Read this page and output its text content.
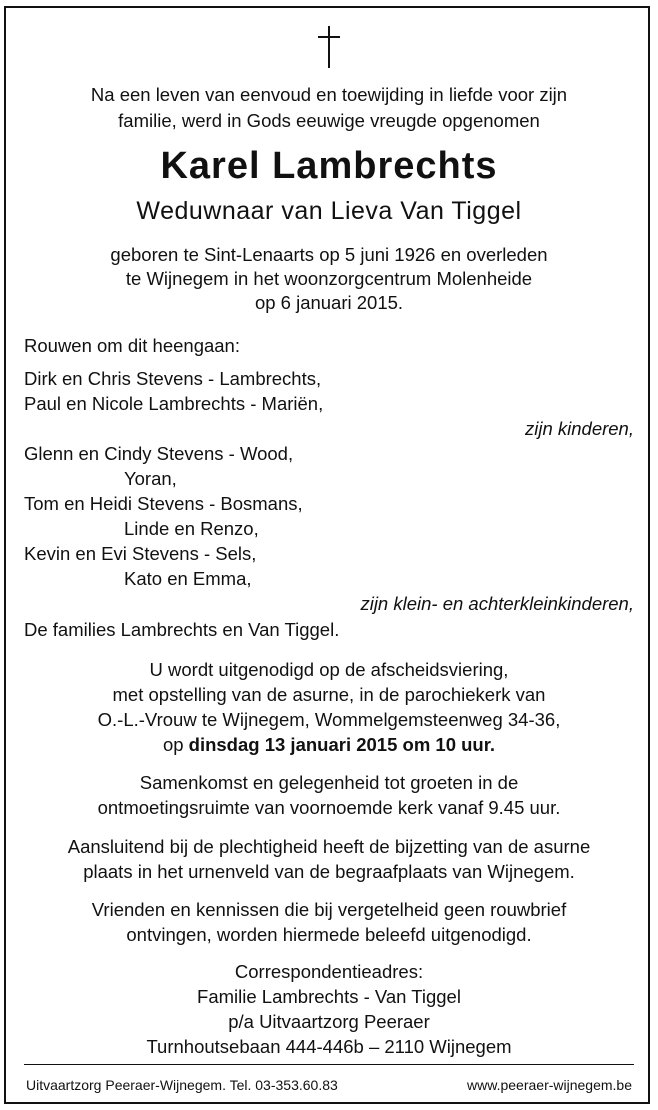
Na een leven van eenvoud en toewijding in liefde voor zijn
familie, werd in Gods eeuwige vreugde opgenomen
Karel Lambrechts
Weduwnaar van Lieva Van Tiggel
geboren te Sint-Lenaarts op 5 juni 1926 en overleden
te Wijnegem in het woonzorgcentrum Molenheide
op 6 januari 2015.
Rouwen om dit heengaan:
Dirk en Chris Stevens - Lambrechts,
Paul en Nicole Lambrechts - Mariën,
zijn kinderen,
Glenn en Cindy Stevens - Wood,
Yoran,
Tom en Heidi Stevens - Bosmans,
Linde en Renzo,
Kevin en Evi Stevens - Sels,
Kato en Emma,
zijn klein- en achterkleinkinderen,
De families Lambrechts en Van Tiggel.
U wordt uitgenodigd op de afscheidsviering,
met opstelling van de asurne, in de parochiekerk van
O.-L.-Vrouw te Wijnegem, Wommelgemsteenweg 34-36,
op dinsdag 13 januari 2015 om 10 uur.
Samenkomst en gelegenheid tot groeten in de
ontmoetingsruimte van voornoemde kerk vanaf 9.45 uur.
Aansluitend bij de plechtigheid heeft de bijzetting van de asurne
plaats in het urnenveld van de begraafplaats van Wijnegem.
Vrienden en kennissen die bij vergetelheid geen rouwbrief
ontvingen, worden hiermede beleefd uitgenodigd.
Correspondentieadres:
Familie Lambrechts - Van Tiggel
p/a Uitvaartzorg Peeraer
Turnhoutsebaan 444-446b – 2110 Wijnegem
Uitvaartzorg Peeraer-Wijnegem. Tel. 03-353.60.83	www.peeraer-wijnegem.be
